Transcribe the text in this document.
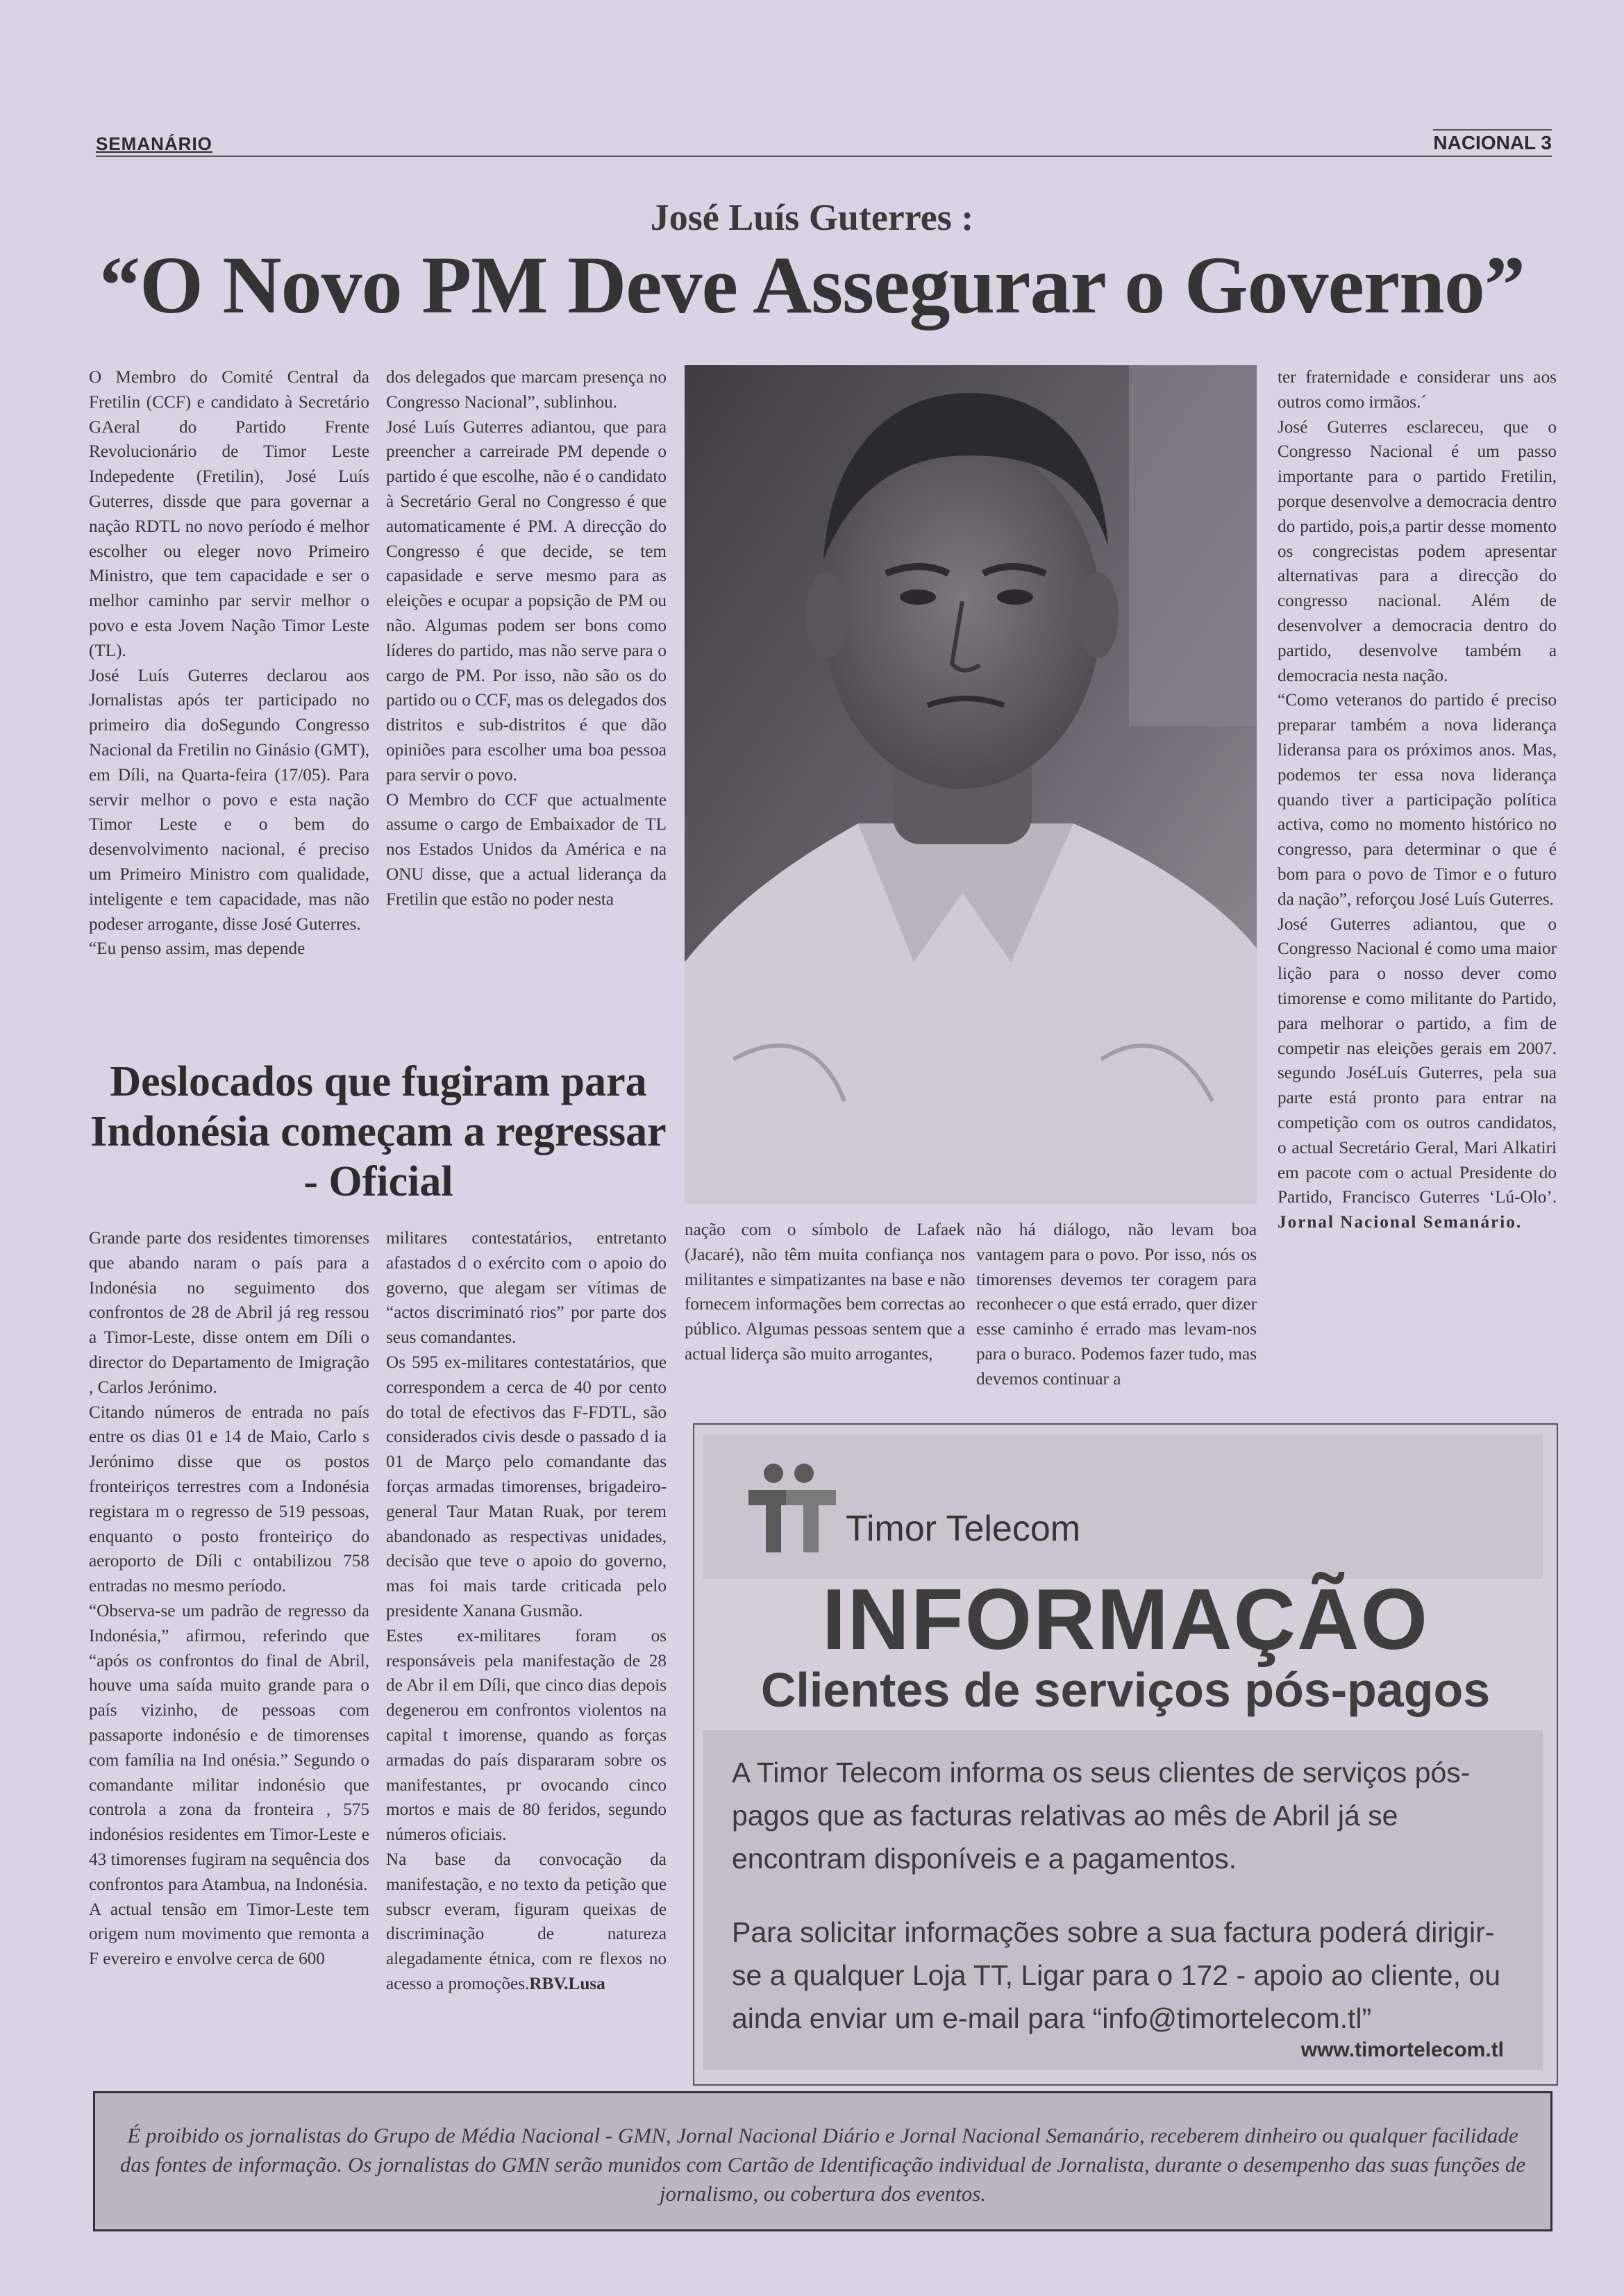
SEMANÁRIO	NACIONAL 3
José Luís Guterres :
“O Novo PM Deve Assegurar o Governo”

O Membro do Comité Central da Fretilin (CCF) e candidato à Secretário GAeral do Partido Frente Revolucionário de Timor Leste Indepedente (Fretilin), José Luís Guterres, dissde que para governar a nação RDTL no novo período é melhor escolher ou eleger novo Primeiro Ministro, que tem capacidade e ser o melhor caminho par servir melhor o povo e esta Jovem Nação Timor Leste (TL).

José Luís Guterres declarou aos Jornalistas após ter participado no primeiro dia doSegundo Congresso Nacional da Fretilin no Ginásio (GMT), em Díli, na Quarta-feira (17/05). Para servir melhor o povo e esta nação Timor Leste e o bem do desenvolvimento nacional, é preciso um Primeiro Ministro com qualidade, inteligente e tem capacidade, mas não podeser arrogante, disse José Guterres.

“Eu penso assim, mas depende

dos delegados que marcam presença no Congresso Nacional”, sublinhou.

José Luís Guterres adiantou, que para preencher a carreirade PM depende o partido é que escolhe, não é o candidato à Secretário Geral no Congresso é que automaticamente é PM. A direcção do Congresso é que decide, se tem capasidade e serve mesmo para as eleições e ocupar a popsição de PM ou não. Algumas podem ser bons como líderes do partido, mas não serve para o cargo de PM. Por isso, não são os do partido ou o CCF, mas os delegados dos distritos e sub-distritos é que dão opiniões para escolher uma boa pessoa para servir o povo.

O Membro do CCF que actualmente assume o cargo de Embaixador de TL nos Estados Unidos da América e na ONU disse, que a actual liderança da Fretilin que estão no poder nesta

Deslocados que fugiram para Indonésia começam a regressar - Oficial

Grande parte dos residentes timorenses que abando naram o país para a Indonésia no seguimento dos confrontos de 28 de Abril já reg ressou a Timor-Leste, disse ontem em Díli o director do Departamento de Imigração , Carlos Jerónimo.

Citando números de entrada no país entre os dias 01 e 14 de Maio, Carlo s Jerónimo disse que os postos fronteiriços terrestres com a Indonésia registara m o regresso de 519 pessoas, enquanto o posto fronteiriço do aeroporto de Díli c ontabilizou 758 entradas no mesmo período.

“Observa-se um padrão de regresso da Indonésia,” afirmou, referindo que “após os confrontos do final de Abril, houve uma saída muito grande para o país vizinho, de pessoas com passaporte indonésio e de timorenses com família na Ind onésia.” Segundo o comandante militar indonésio que controla a zona da fronteira , 575 indonésios residentes em Timor-Leste e 43 timorenses fugiram na sequência dos confrontos para Atambua, na Indonésia.

A actual tensão em Timor-Leste tem origem num movimento que remonta a F evereiro e envolve cerca de 600

militares contestatários, entretanto afastados d o exército com o apoio do governo, que alegam ser vítimas de “actos discriminató rios” por parte dos seus comandantes.

Os 595 ex-militares contestatários, que correspondem a cerca de 40 por cento do total de efectivos das F-FDTL, são considerados civis desde o passado d ia 01 de Março pelo comandante das forças armadas timorenses, brigadeiro-general Taur Matan Ruak, por terem abandonado as respectivas unidades, decisão que teve o apoio do governo, mas foi mais tarde criticada pelo presidente Xanana Gusmão.

Estes ex-militares foram os responsáveis pela manifestação de 28 de Abr il em Díli, que cinco dias depois degenerou em confrontos violentos na capital t imorense, quando as forças armadas do país dispararam sobre os manifestantes, pr ovocando cinco mortos e mais de 80 feridos, segundo números oficiais.

Na base da convocação da manifestação, e no texto da petição que subscr everam, figuram queixas de discriminação de natureza alegadamente étnica, com re flexos no acesso a promoções.RBV.Lusa

nação com o símbolo de Lafaek (Jacaré), não têm muita confiança nos militantes e simpatizantes na base e não fornecem informações bem correctas ao público. Algumas pessoas sentem que a actual liderça são muito arrogantes,

não há diálogo, não levam boa vantagem para o povo. Por isso, nós os timorenses devemos ter coragem para reconhecer o que está errado, quer dizer esse caminho é errado mas levam-nos para o buraco. Podemos fazer tudo, mas devemos continuar a

ter fraternidade e considerar uns aos outros como irmãos.´

José Guterres esclareceu, que o Congresso Nacional é um passo importante para o partido Fretilin, porque desenvolve a democracia dentro do partido, pois,a partir desse momento os congrecistas podem apresentar alternativas para a direcção do congresso nacional. Além de desenvolver a democracia dentro do partido, desenvolve também a democracia nesta nação.

“Como veteranos do partido é preciso preparar também a nova liderança lideransa para os próximos anos. Mas, podemos ter essa nova liderança quando tiver a participação política activa, como no momento histórico no congresso, para determinar o que é bom para o povo de Timor e o futuro da nação”, reforçou José Luís Guterres.

José Guterres adiantou, que o Congresso Nacional é como uma maior lição para o nosso dever como timorense e como militante do Partido, para melhorar o partido, a fim de competir nas eleições gerais em 2007. segundo JoséLuís Guterres, pela sua parte está pronto para entrar na competição com os outros candidatos, o actual Secretário Geral, Mari Alkatiri em pacote com o actual Presidente do Partido, Francisco Guterres ‘Lú-Olo’. Jornal Nacional Semanário.

Timor Telecom
INFORMAÇÃO
Clientes de serviços pós-pagos
A Timor Telecom informa os seus clientes de serviços pós-pagos que as facturas relativas ao mês de Abril já se encontram disponíveis e a pagamentos.
Para solicitar informações sobre a sua factura poderá dirigir-se a qualquer Loja TT, Ligar para o 172 - apoio ao cliente, ou ainda enviar um e-mail para “info@timortelecom.tl”
www.timortelecom.tl

É proibido os jornalistas do Grupo de Média Nacional - GMN, Jornal Nacional Diário e Jornal Nacional Semanário, receberem dinheiro ou qualquer facilidade das fontes de informação. Os jornalistas do GMN serão munidos com Cartão de Identificação individual de Jornalista, durante o desempenho das suas funções de jornalismo, ou cobertura dos eventos.
